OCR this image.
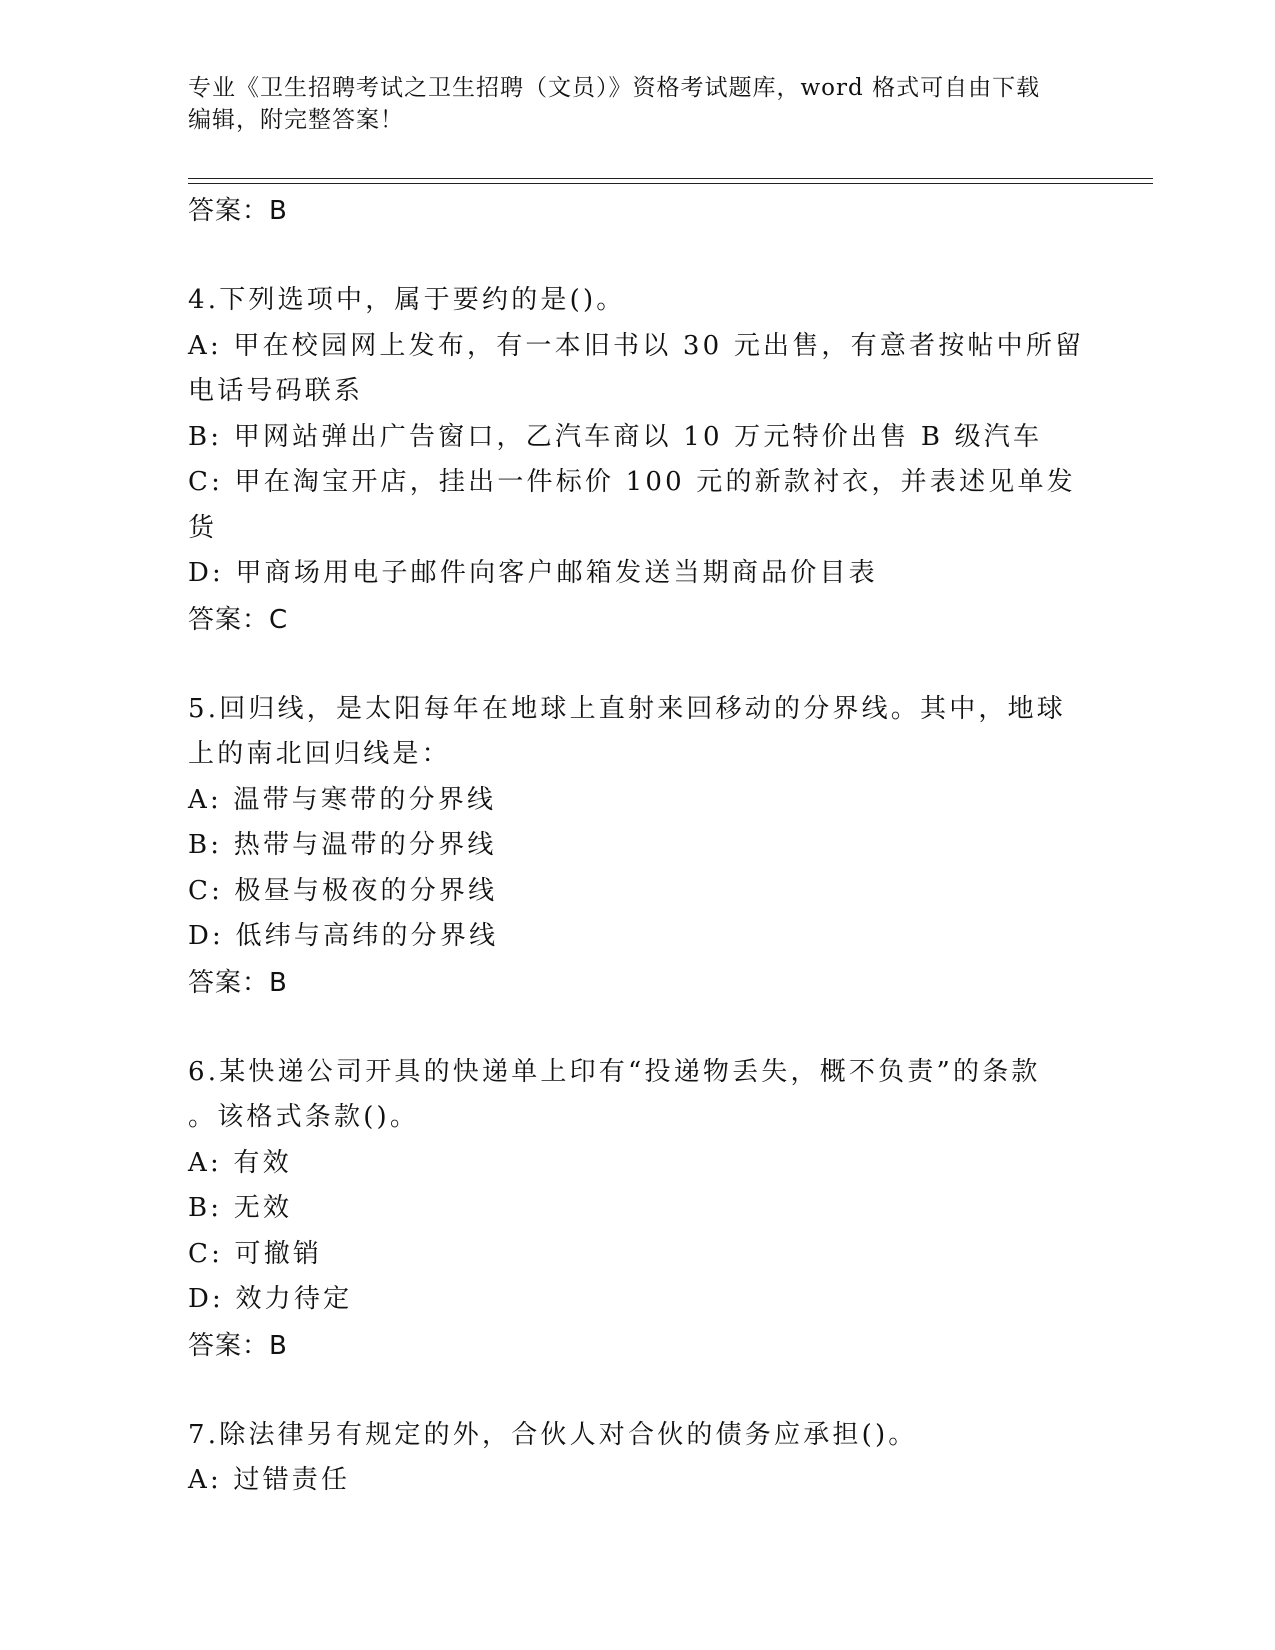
专业《卫生招聘考试之卫生招聘（文员）》资格考试题库，word 格式可自由下载
编辑，附完整答案！

答案：B

4.下列选项中，属于要约的是()。

A: 甲在校园网上发布，有一本旧书以 30 元出售，有意者按帖中所留

电话号码联系

B: 甲网站弹出广告窗口，乙汽车商以 10 万元特价出售 B 级汽车

C: 甲在淘宝开店，挂出一件标价 100 元的新款衬衣，并表述见单发货

D: 甲商场用电子邮件向客户邮箱发送当期商品价目表

答案：C

5.回归线，是太阳每年在地球上直射来回移动的分界线。其中，地球

上的南北回归线是：

A: 温带与寒带的分界线

B: 热带与温带的分界线

C: 极昼与极夜的分界线

D: 低纬与高纬的分界线

答案：B

6.某快递公司开具的快递单上印有“投递物丢失，概不负责”的条款

。该格式条款()。

A: 有效

B: 无效

C: 可撤销

D: 效力待定

答案：B

7.除法律另有规定的外，合伙人对合伙的债务应承担()。

A: 过错责任
